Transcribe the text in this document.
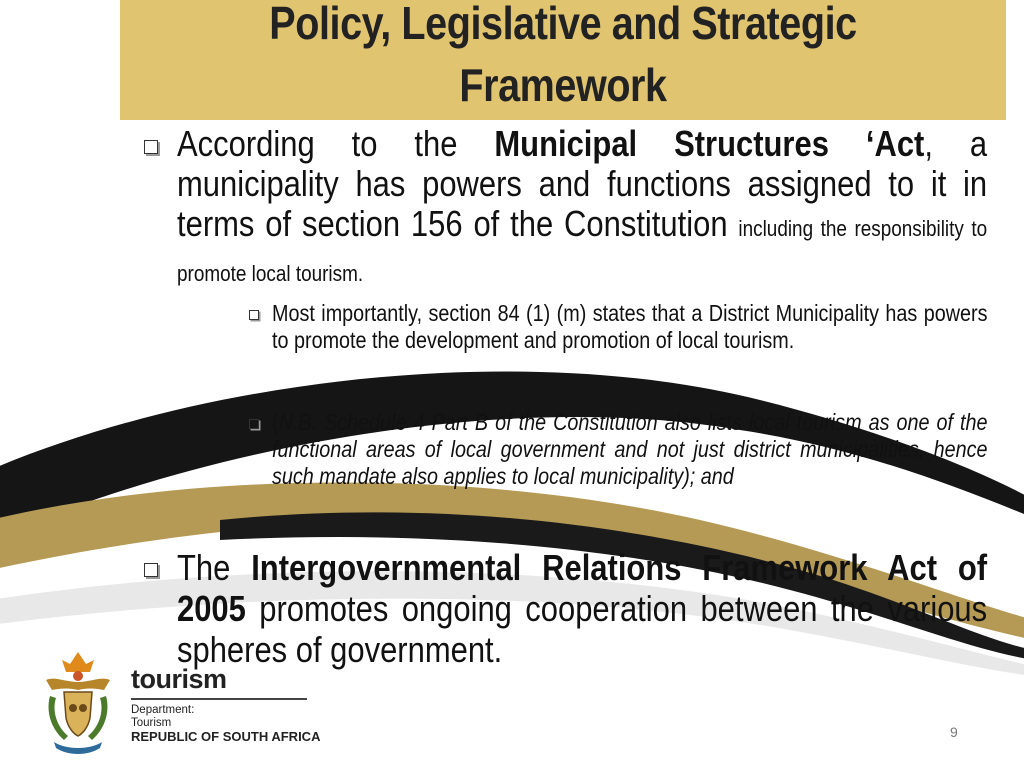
Policy, Legislative and Strategic Framework

According to the Municipal Structures ‘Act, a municipality has powers and functions assigned to it in terms of section 156 of the Constitution including the responsibility to promote local tourism.

Most importantly, section 84 (1) (m) states that a District Municipality has powers to promote the development and promotion of local tourism.

(N.B. Schedule 4 Part B of the Constitution also lists local tourism as one of the functional areas of local government and not just district municipalities, hence such mandate also applies to local municipality); and

The Intergovernmental Relations Framework Act of 2005 promotes ongoing cooperation between the various spheres of government.

tourism

Department:
Tourism
REPUBLIC OF SOUTH AFRICA	9
